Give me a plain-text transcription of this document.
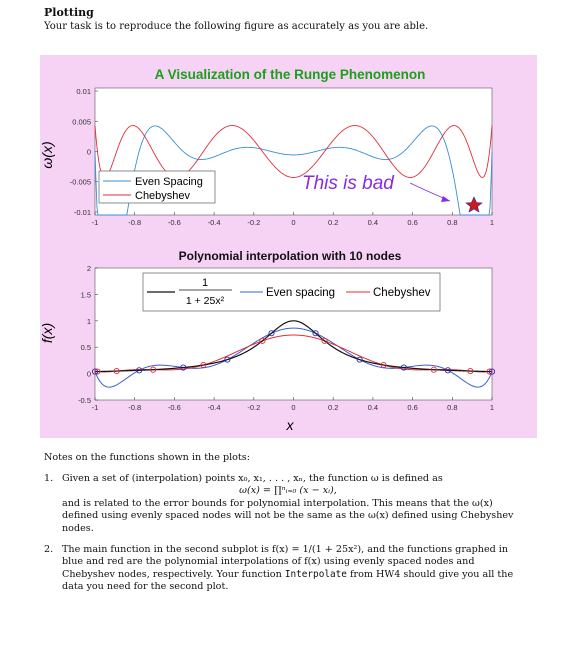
Plotting
Your task is to reproduce the following figure as accurately as you are able.
A Visualization of the Runge Phenomenon
0.01
0.005
0
-0.005
-0.01
-1	-0.8	-0.6	-0.4	-0.2	0	0.2	0.4	0.6	0.8	1
ω(x)
Even Spacing
Chebyshev
This is bad
Polynomial interpolation with 10 nodes
2
1.5
1
0.5
0
-0.5
-1	-0.8	-0.6	-0.4	-0.2	0	0.2	0.4	0.6	0.8	1
f(x)
x
1
1 + 25x²
Even spacing	Chebyshev

Notes on the functions shown in the plots:

1. Given a set of (interpolation) points x₀, x₁, . . . , xₙ, the function ω is defined as

ω(x) = ∏ⁿᵢ₌₀ (x − xᵢ),

and is related to the error bounds for polynomial interpolation. This means that the ω(x) defined using evenly spaced nodes will not be the same as the ω(x) defined using Chebyshev nodes.

2. The main function in the second subplot is f(x) = 1/(1 + 25x²), and the functions graphed in blue and red are the polynomial interpolations of f(x) using evenly spaced nodes and Chebyshev nodes, respectively. Your function Interpolate from HW4 should give you all the data you need for the second plot.
